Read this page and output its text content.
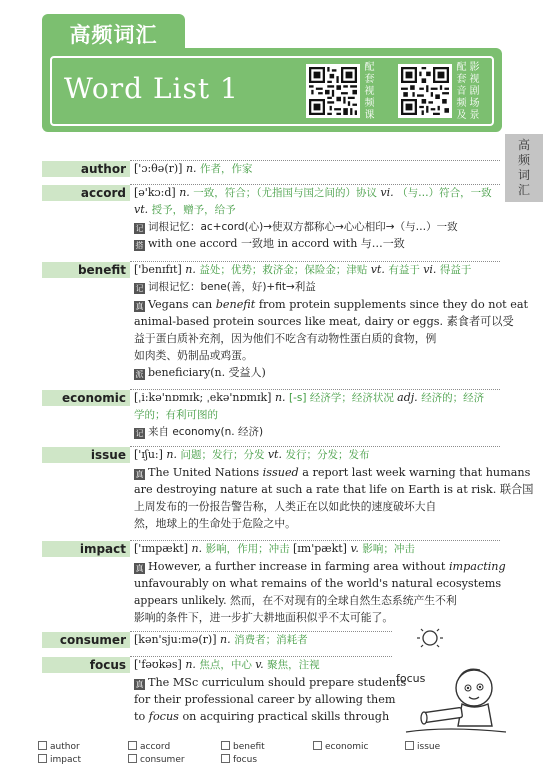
高频词汇
Word List 1
配
套
视
频
课
配
套
音
频
及
影
视
剧
场
景
高
频
词
汇
author ['ɔ:θə(r)] n. 作者，作家
accord [ə'kɔ:d] n. 一致，符合；（尤指国与国之间的）协议 vi. （与…）符合，一致
vt. 授予，赠予，给予
记 词根记忆：ac+cord(心)→使双方都称心→心心相印→（与…）一致
搭 with one accord 一致地 in accord with 与…一致
benefit ['benɪfɪt] n. 益处；优势；救济金；保险金；津贴 vt. 有益于 vi. 得益于
记 词根记忆：bene(善，好)+fit→利益
真 Vegans can benefit from protein supplements since they do not eat
animal-based protein sources like meat, dairy or eggs. 素食者可以受
益于蛋白质补充剂，因为他们不吃含有动物性蛋白质的食物，例
如肉类、奶制品或鸡蛋。
派 beneficiary(n. 受益人)
economic [ˌi:kə'nɒmɪk; ˌekə'nɒmɪk] n. [-s] 经济学；经济状况 adj. 经济的；经济
学的；有利可图的
记 来自 economy(n. 经济)
issue ['ɪʃu:] n. 问题；发行；分发 vt. 发行；分发；发布
真 The United Nations issued a report last week warning that humans
are destroying nature at such a rate that life on Earth is at risk. 联合国
上周发布的一份报告警告称，人类正在以如此快的速度破坏大自
然，地球上的生命处于危险之中。
impact ['ɪmpækt] n. 影响，作用；冲击 [ɪm'pækt] v. 影响；冲击
真 However, a further increase in farming area without impacting
unfavourably on what remains of the world's natural ecosystems
appears unlikely. 然而，在不对现有的全球自然生态系统产生不利
影响的条件下，进一步扩大耕地面积似乎不太可能了。
consumer [kən'sju:mə(r)] n. 消费者；消耗者
focus ['fəʊkəs] n. 焦点，中心 v. 聚焦，注视
真 The MSc curriculum should prepare students
for their professional career by allowing them
to focus on acquiring practical skills through
focus
author	accord	benefit	economic	issue
impact	consumer	focus
